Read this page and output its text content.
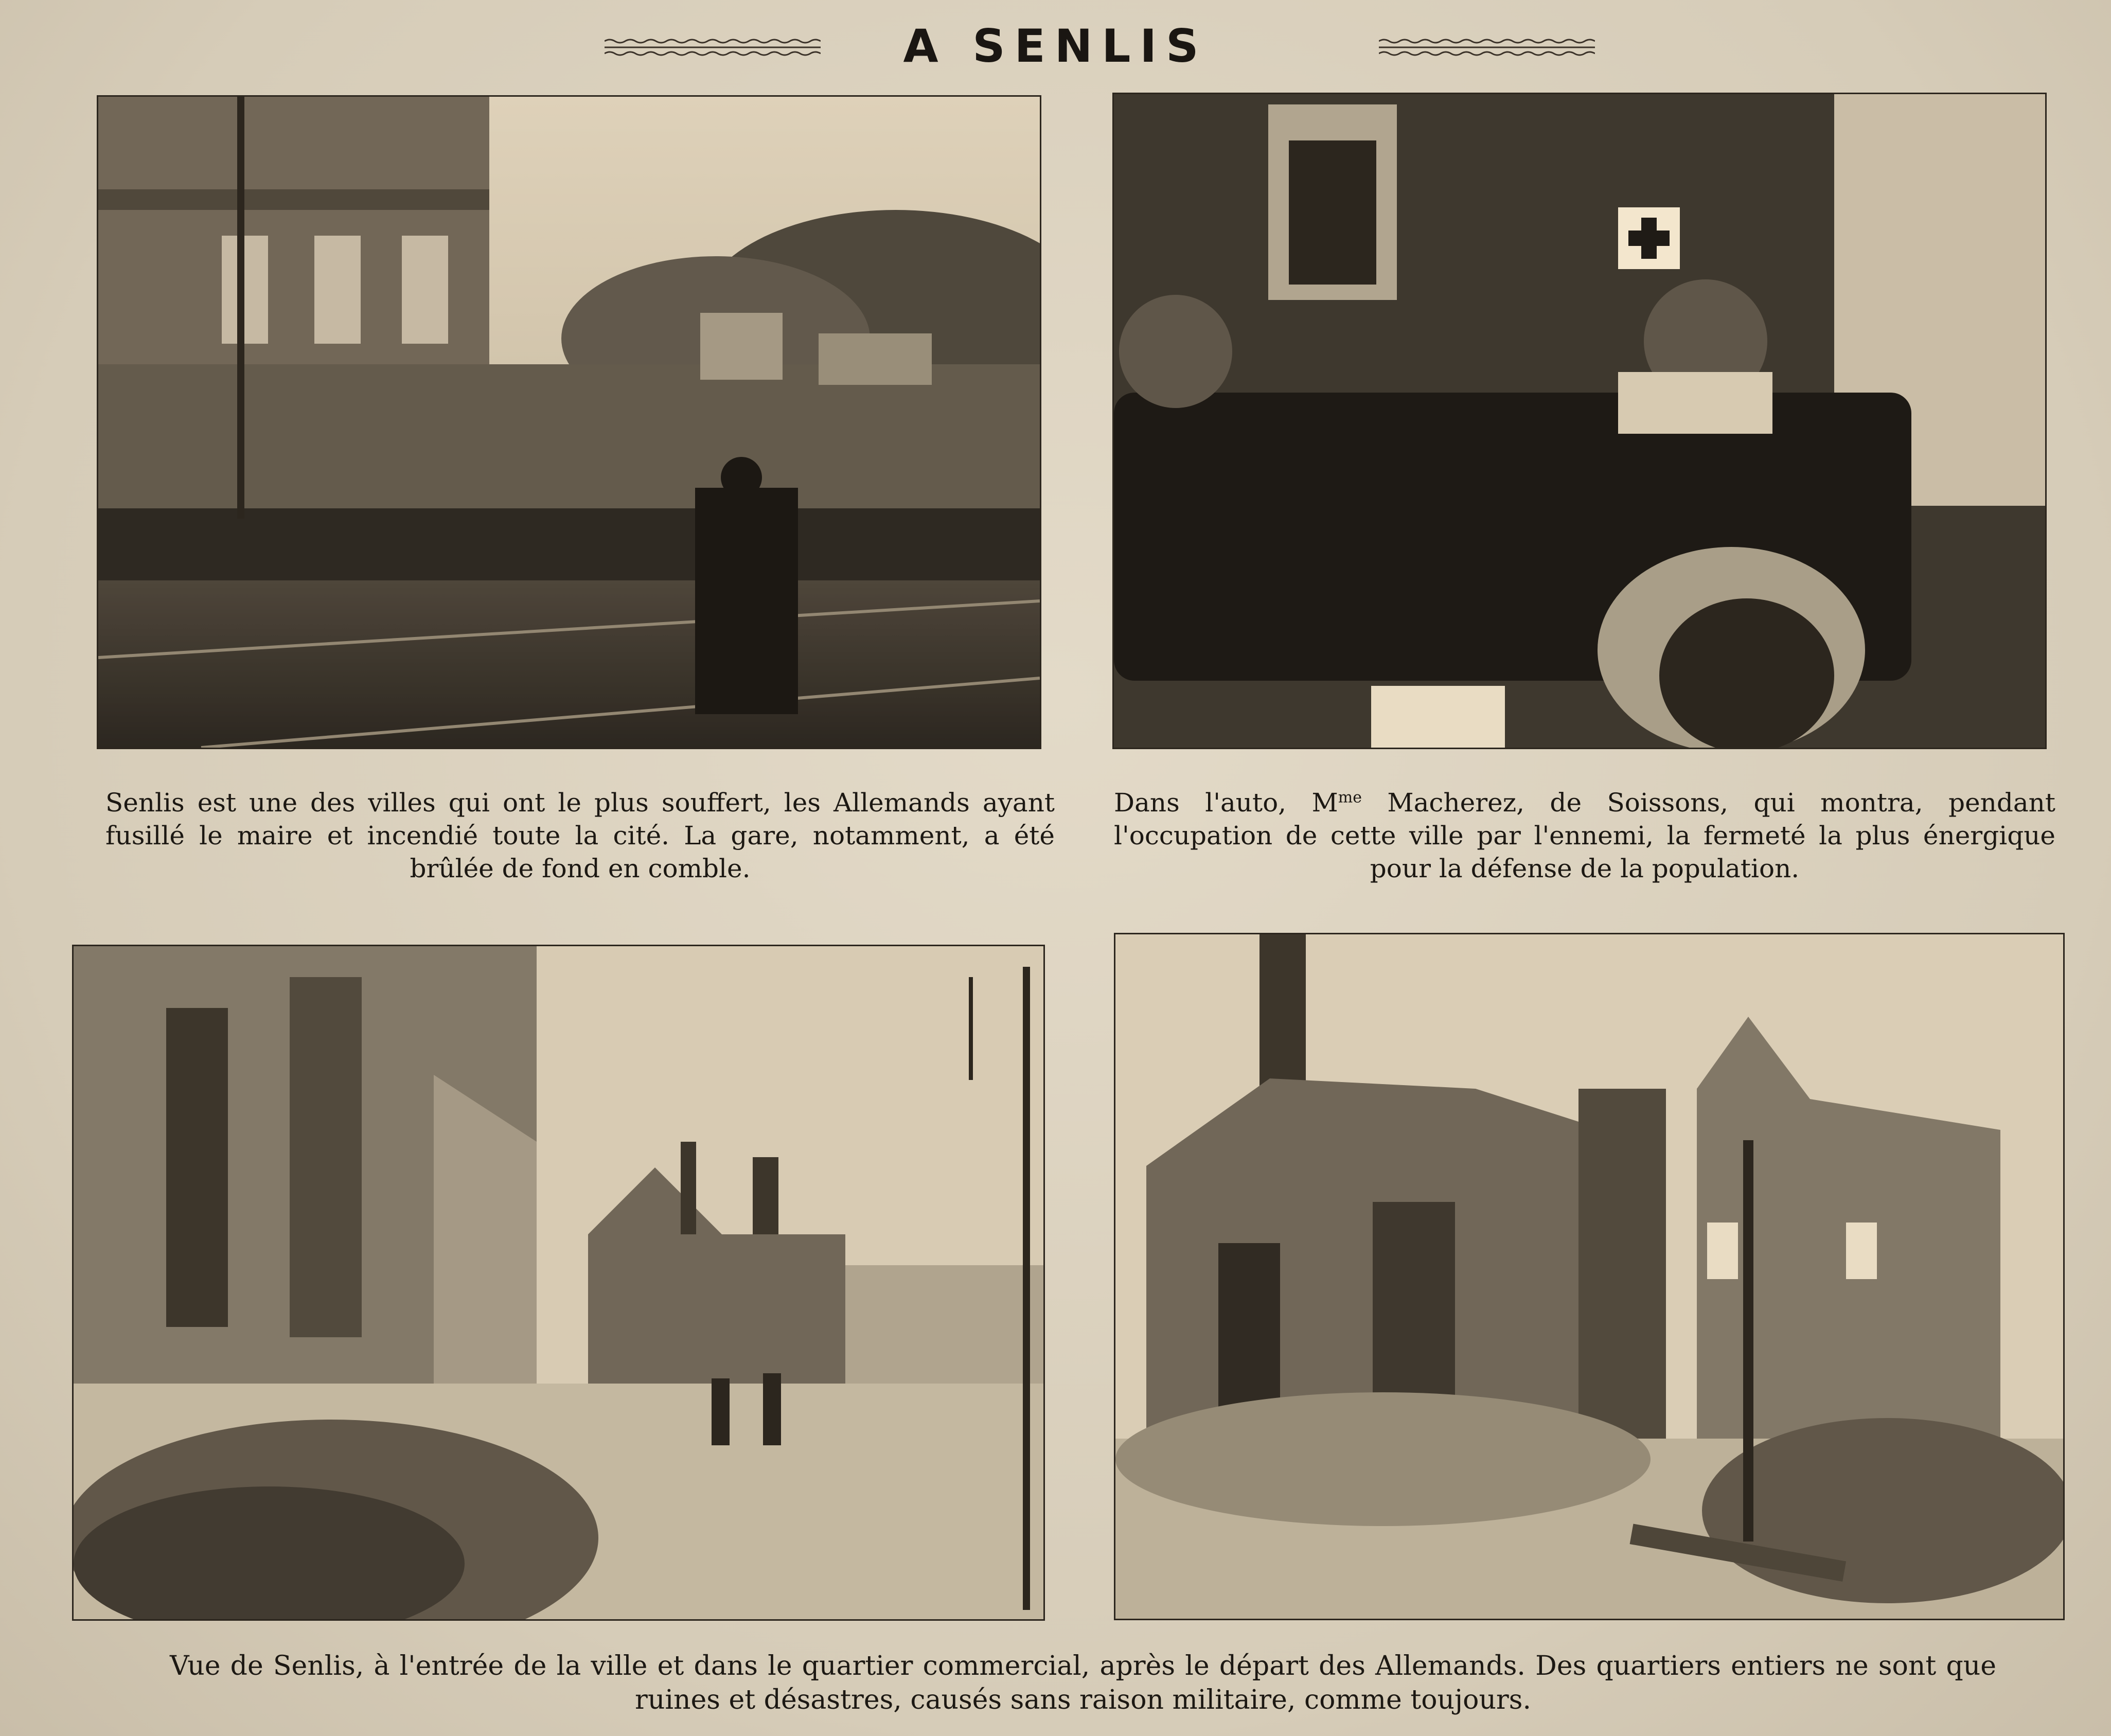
A SENLIS
Senlis est une des villes qui ont le plus souffert, les Allemands ayant fusillé le maire et incendié toute la cité. La gare, notamment, a été brûlée de fond en comble.
Dans l'auto, $M^{me}$ Macherez, de Soissons, qui montra, pendant l'occupation de cette ville par l'ennemi, la fermeté la plus énergique pour la défense de la population.
Vue de Senlis, à l'entrée de la ville et dans le quartier commercial, après le départ des Allemands. Des quartiers entiers ne sont que ruines et désastres, causés sans raison militaire, comme toujours.
